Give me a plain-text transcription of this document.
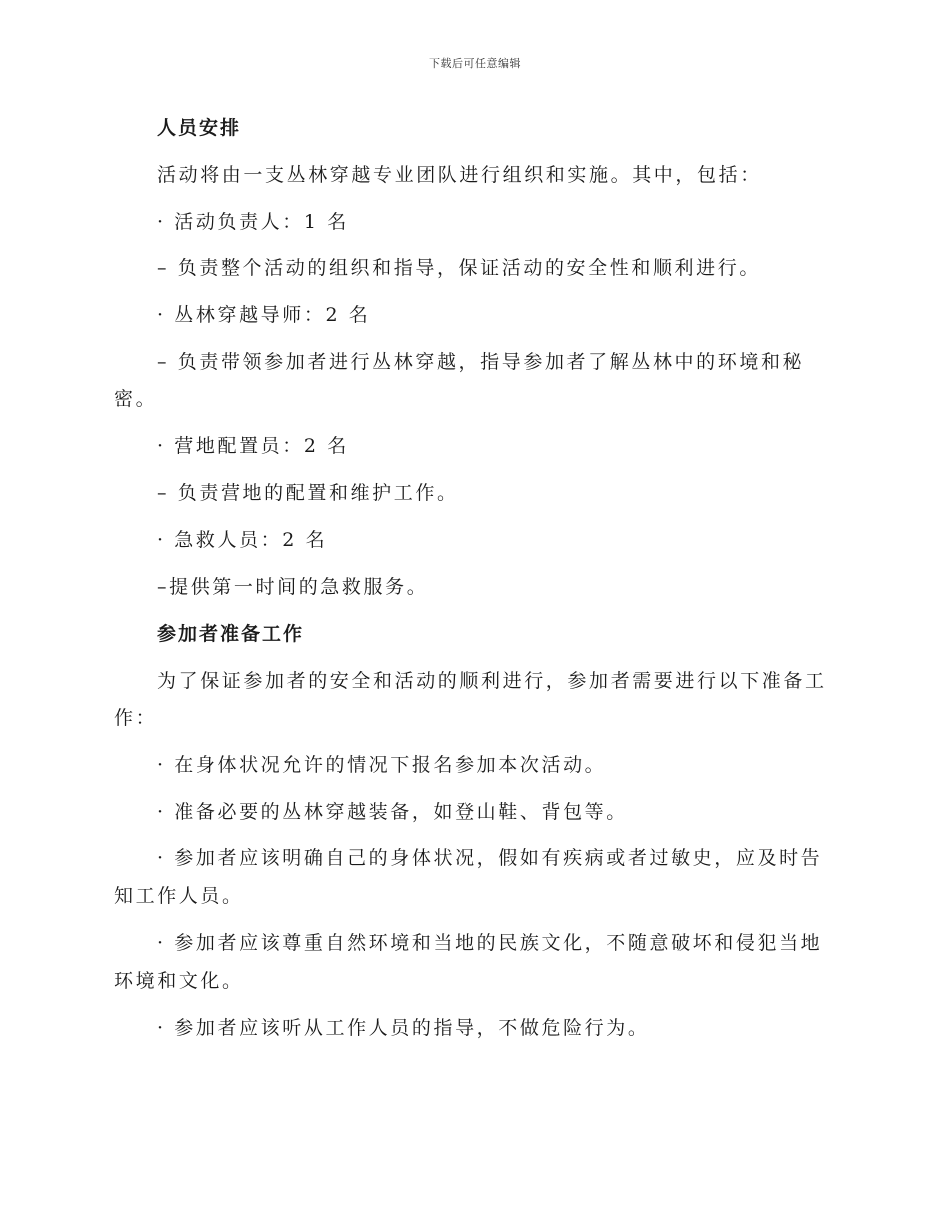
下载后可任意编辑
人员安排
活动将由一支丛林穿越专业团队进行组织和实施。其中，包括：
· 活动负责人：1 名
– 负责整个活动的组织和指导，保证活动的安全性和顺利进行。
· 丛林穿越导师：2 名
– 负责带领参加者进行丛林穿越，指导参加者了解丛林中的环境和秘
密。
· 营地配置员：2 名
– 负责营地的配置和维护工作。
· 急救人员：2 名
–提供第一时间的急救服务。
参加者准备工作
为了保证参加者的安全和活动的顺利进行，参加者需要进行以下准备工
作：
· 在身体状况允许的情况下报名参加本次活动。
· 准备必要的丛林穿越装备，如登山鞋、背包等。
· 参加者应该明确自己的身体状况，假如有疾病或者过敏史，应及时告
知工作人员。
· 参加者应该尊重自然环境和当地的民族文化，不随意破坏和侵犯当地
环境和文化。
· 参加者应该听从工作人员的指导，不做危险行为。
